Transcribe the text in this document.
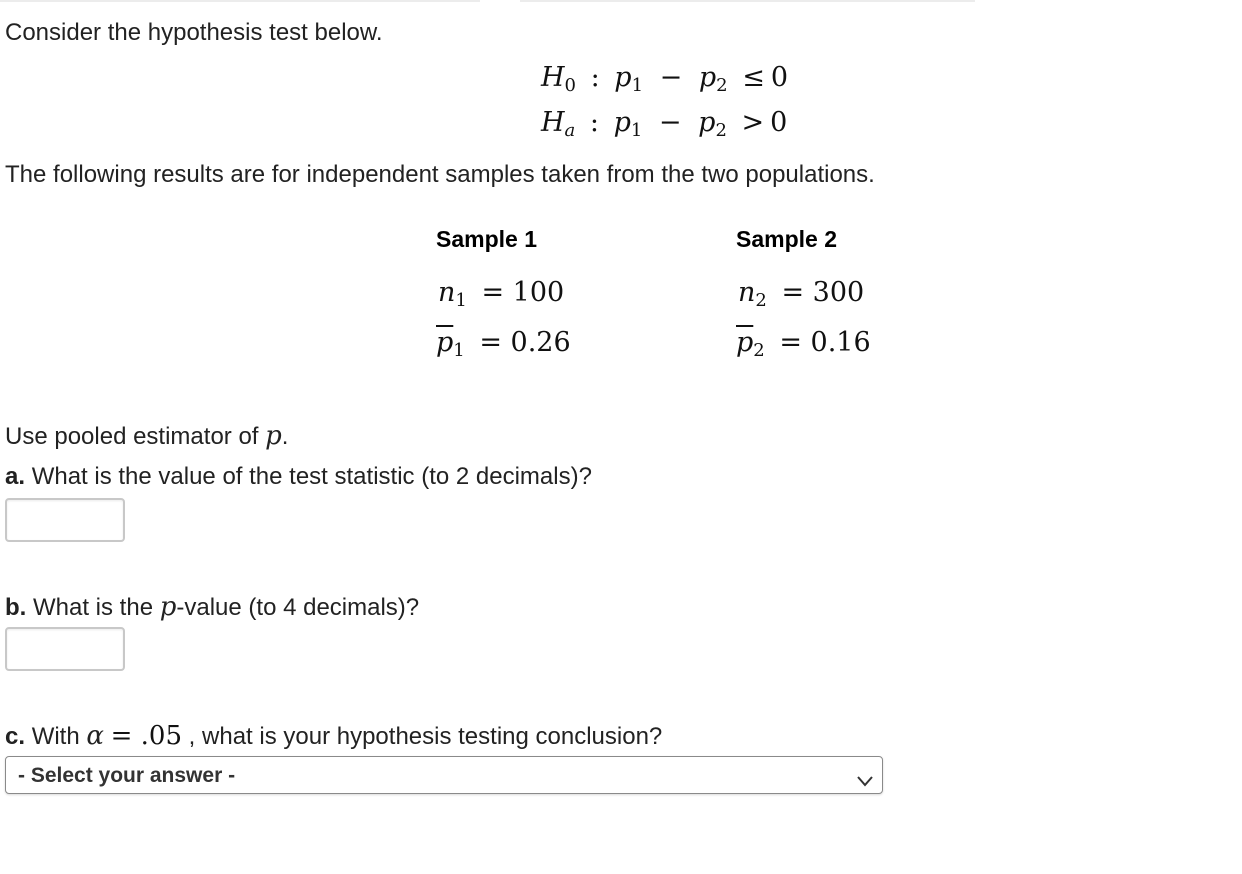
Consider the hypothesis test below.
$H_0$ : $p_1 - p_2 \le 0$
$H_a$ : $p_1 - p_2 > 0$
The following results are for independent samples taken from the two populations.
Sample 1	Sample 2
$n_1 = 100$	$n_2 = 300$
$\overline{p}_1 = 0.26$	$\overline{p}_2 = 0.16$
Use pooled estimator of p.
a. What is the value of the test statistic (to 2 decimals)?
b. What is the p-value (to 4 decimals)?
c. With α = .05 , what is your hypothesis testing conclusion?
- Select your answer -
